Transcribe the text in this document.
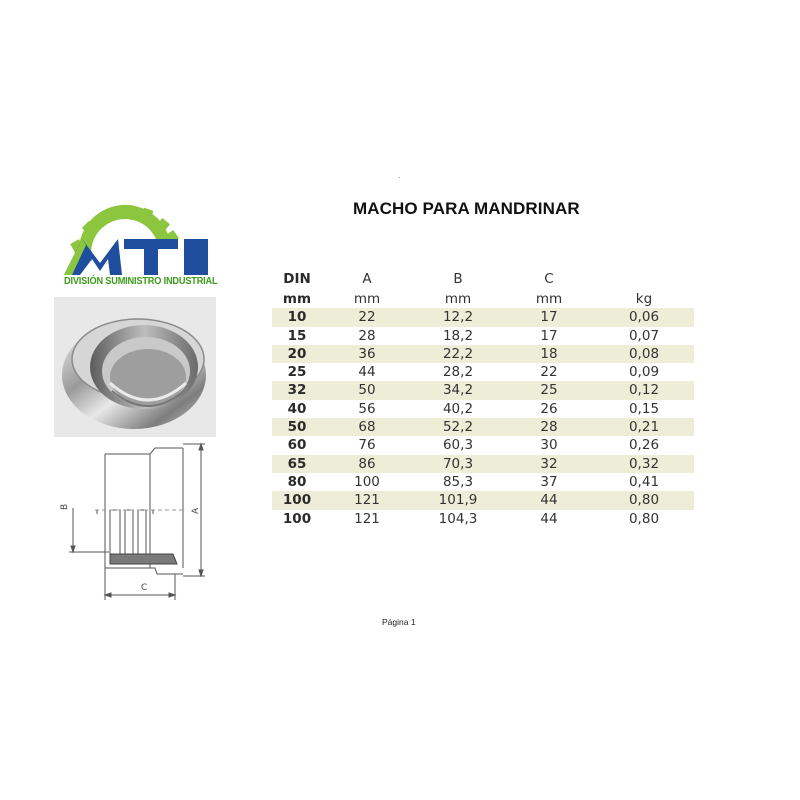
MACHO PARA MANDRINAR
DIVISIÓN SUMINISTRO INDUSTRIAL
B
A
C
DIN	A	B	C	
mm	mm	mm	mm	kg
10	22	12,2	17	0,06
15	28	18,2	17	0,07
20	36	22,2	18	0,08
25	44	28,2	22	0,09
32	50	34,2	25	0,12
40	56	40,2	26	0,15
50	68	52,2	28	0,21
60	76	60,3	30	0,26
65	86	70,3	32	0,32
80	100	85,3	37	0,41
100	121	101,9	44	0,80
100	121	104,3	44	0,80
Página 1
